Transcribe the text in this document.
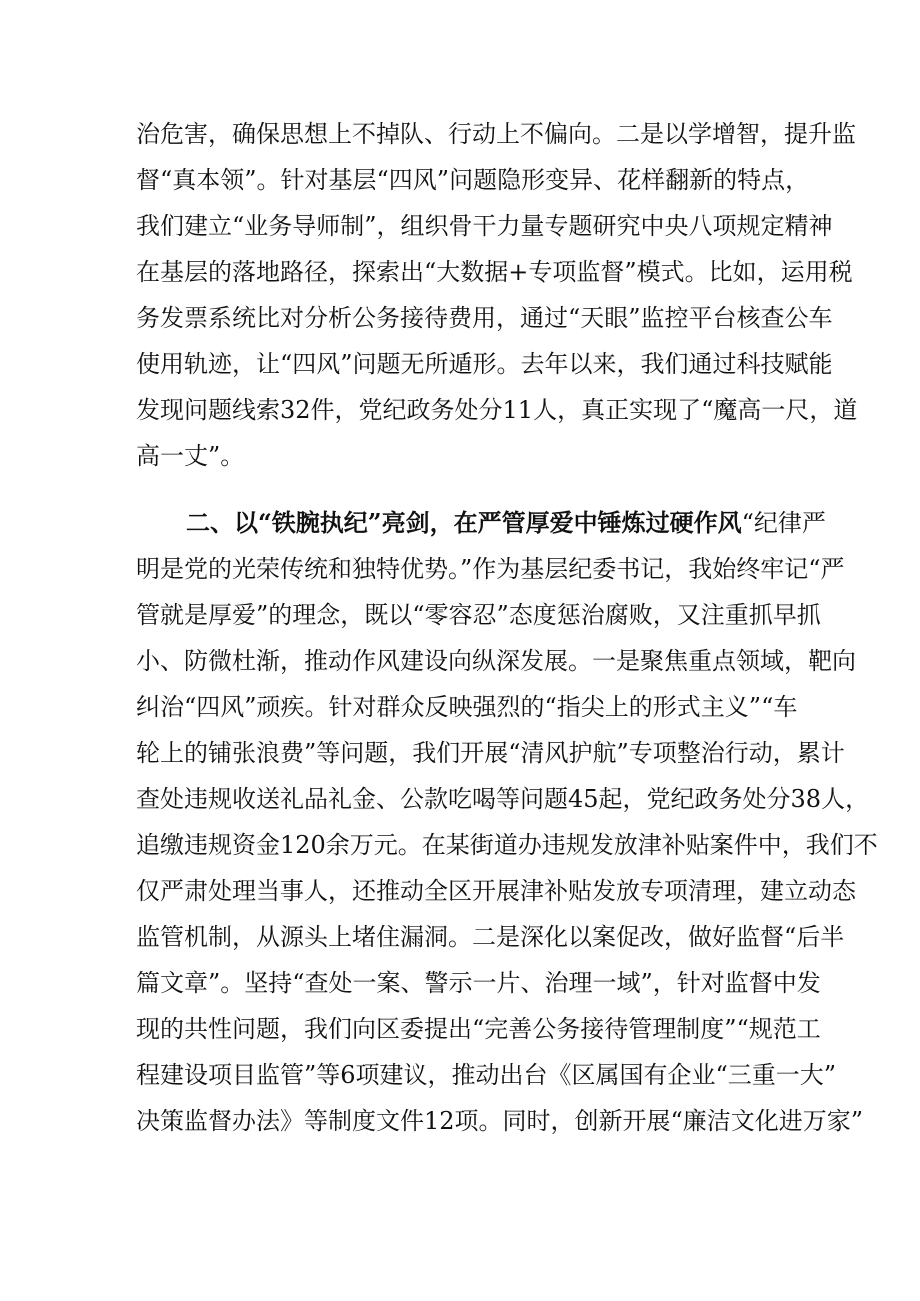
治危害，确保思想上不掉队、行动上不偏向。二是以学增智，提升监
督“真本领”。针对基层“四风”问题隐形变异、花样翻新的特点，
我们建立“业务导师制”，组织骨干力量专题研究中央八项规定精神
在基层的落地路径，探索出“大数据+专项监督”模式。比如，运用税
务发票系统比对分析公务接待费用，通过“天眼”监控平台核查公车
使用轨迹，让“四风”问题无所遁形。去年以来，我们通过科技赋能
发现问题线索32件，党纪政务处分11人，真正实现了“魔高一尺，道
高一丈”。
二、以“铁腕执纪”亮剑，在严管厚爱中锤炼过硬作风“纪律严
明是党的光荣传统和独特优势。”作为基层纪委书记，我始终牢记“严
管就是厚爱”的理念，既以“零容忍”态度惩治腐败，又注重抓早抓
小、防微杜渐，推动作风建设向纵深发展。一是聚焦重点领域，靶向
纠治“四风”顽疾。针对群众反映强烈的“指尖上的形式主义”“车
轮上的铺张浪费”等问题，我们开展“清风护航”专项整治行动，累计
查处违规收送礼品礼金、公款吃喝等问题45起，党纪政务处分38人，
追缴违规资金120余万元。在某街道办违规发放津补贴案件中，我们不
仅严肃处理当事人，还推动全区开展津补贴发放专项清理，建立动态
监管机制，从源头上堵住漏洞。二是深化以案促改，做好监督“后半
篇文章”。坚持“查处一案、警示一片、治理一域”，针对监督中发
现的共性问题，我们向区委提出“完善公务接待管理制度”“规范工
程建设项目监管”等6项建议，推动出台《区属国有企业“三重一大”
决策监督办法》等制度文件12项。同时，创新开展“廉洁文化进万家”
